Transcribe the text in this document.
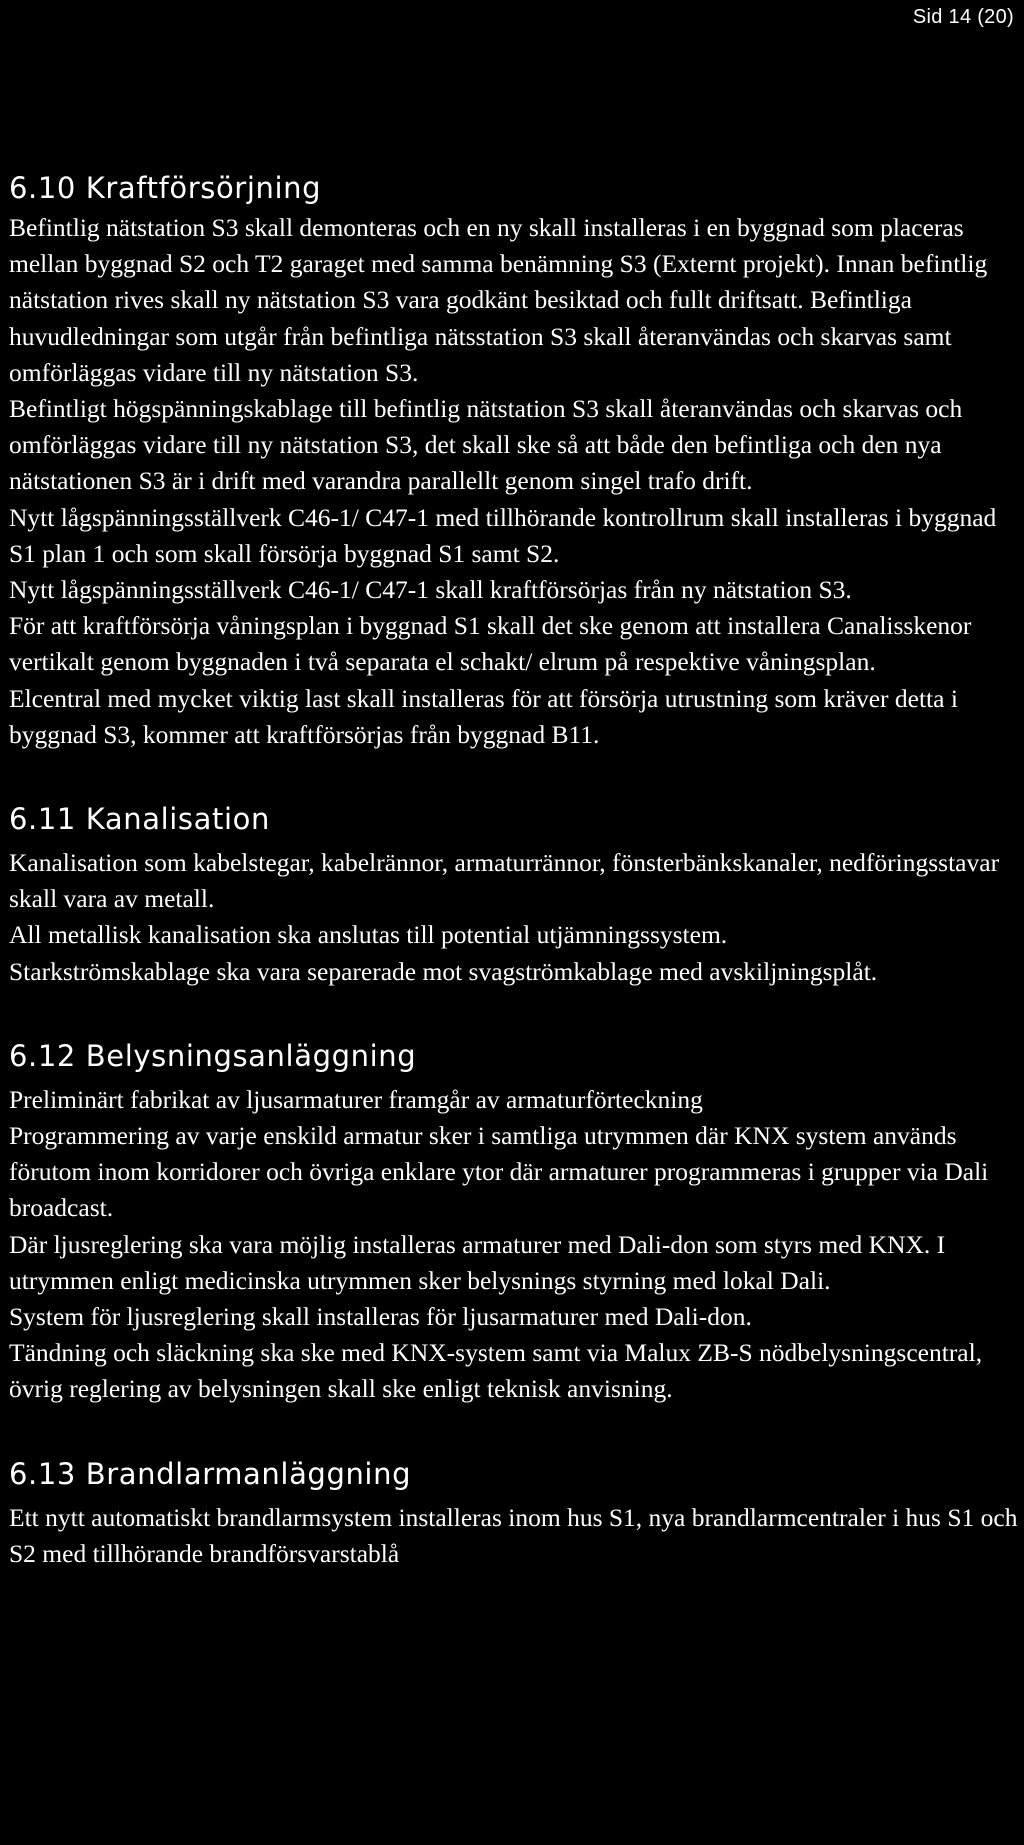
Sid 14 (20)
6.10 Kraftförsörjning

Befintlig nätstation S3 skall demonteras och en ny skall installeras i en byggnad som placeras mellan byggnad S2 och T2 garaget med samma benämning S3 (Externt projekt). Innan befintlig nätstation rives skall ny nätstation S3 vara godkänt besiktad och fullt driftsatt. Befintliga huvudledningar som utgår från befintliga nätsstation S3 skall återanvändas och skarvas samt omförläggas vidare till ny nätstation S3.

Befintligt högspänningskablage till befintlig nätstation S3 skall återanvändas och skarvas och omförläggas vidare till ny nätstation S3, det skall ske så att både den befintliga och den nya nätstationen S3 är i drift med varandra parallellt genom singel trafo drift.

Nytt lågspänningsställverk C46-1/ C47-1 med tillhörande kontrollrum skall installeras i byggnad S1 plan 1 och som skall försörja byggnad S1 samt S2.

Nytt lågspänningsställverk C46-1/ C47-1 skall kraftförsörjas från ny nätstation S3.

För att kraftförsörja våningsplan i byggnad S1 skall det ske genom att installera Canalisskenor vertikalt genom byggnaden i två separata el schakt/ elrum på respektive våningsplan.

Elcentral med mycket viktig last skall installeras för att försörja utrustning som kräver detta i byggnad S3, kommer att kraftförsörjas från byggnad B11.

6.11 Kanalisation

Kanalisation som kabelstegar, kabelrännor, armaturrännor, fönsterbänkskanaler, nedföringsstavar skall vara av metall.

All metallisk kanalisation ska anslutas till potential utjämningssystem.

Starkströmskablage ska vara separerade mot svagströmkablage med avskiljningsplåt.

6.12 Belysningsanläggning

Preliminärt fabrikat av ljusarmaturer framgår av armaturförteckning

Programmering av varje enskild armatur sker i samtliga utrymmen där KNX system används förutom inom korridorer och övriga enklare ytor där armaturer programmeras i grupper via Dali broadcast.

Där ljusreglering ska vara möjlig installeras armaturer med Dali-don som styrs med KNX. I utrymmen enligt medicinska utrymmen sker belysnings styrning med lokal Dali.

System för ljusreglering skall installeras för ljusarmaturer med Dali-don.

Tändning och släckning ska ske med KNX-system samt via Malux ZB-S nödbelysningscentral, övrig reglering av belysningen skall ske enligt teknisk anvisning.

6.13 Brandlarmanläggning

Ett nytt automatiskt brandlarmsystem installeras inom hus S1, nya brandlarmcentraler i hus S1 och S2 med tillhörande brandförsvarstablå
